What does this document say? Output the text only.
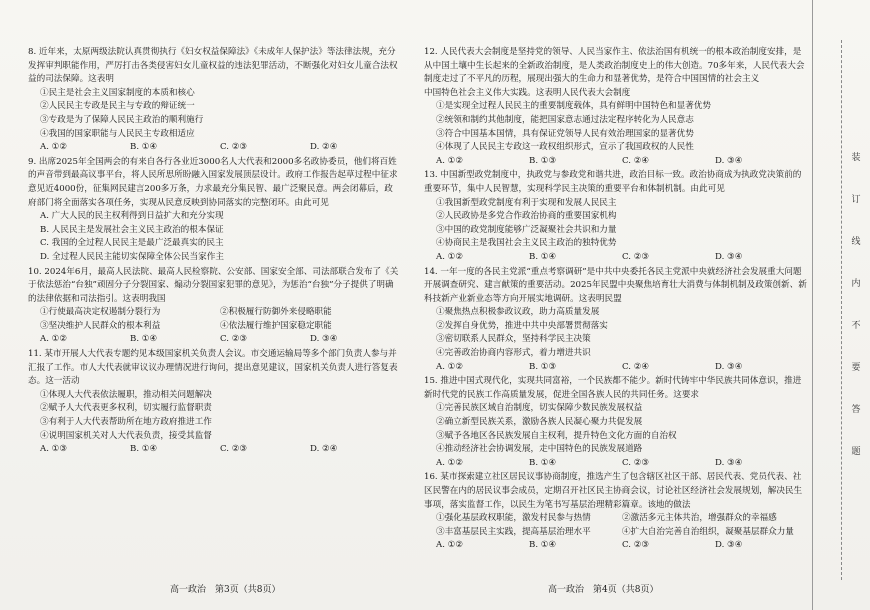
8. 近年来，太原两级法院认真贯彻执行《妇女权益保障法》《未成年人保护法》等法律法规，充分发挥审判职能作用，严厉打击各类侵害妇女儿童权益的违法犯罪活动，不断强化对妇女儿童合法权益的司法保障。这表明

①民主是社会主义国家制度的本质和核心

②人民民主专政是民主与专政的辩证统一

③专政是为了保障人民民主政治的顺利施行

④我国的国家职能与人民民主专政相适应

A. ①②	B. ①④	C. ②③	D. ②④

9. 出席2025年全国两会的有来自各行各业近3000名人大代表和2000多名政协委员，他们将百姓的声音带到最高议事平台，将人民所思所盼融入国家发展顶层设计。政府工作报告起草过程中征求意见近4000份，征集网民建言200多万条，力求最充分集民智、最广泛聚民意。两会闭幕后，政府部门将全面落实各项任务，实现从民意反映到协同落实的完整闭环。由此可见

A. 广大人民的民主权利得到日益扩大和充分实现

B. 人民民主是发展社会主义民主政治的根本保证

C. 我国的全过程人民民主是最广泛最真实的民主

D. 全过程人民民主能切实保障全体公民当家作主

10. 2024年6月，最高人民法院、最高人民检察院、公安部、国家安全部、司法部联合发布了《关于依法惩治“台独”顽固分子分裂国家、煽动分裂国家犯罪的意见》，为惩治“台独”分子提供了明确的法律依据和司法指引。这表明我国

①行使最高决定权遏制分裂行为	②积极履行防御外来侵略职能
③坚决维护人民群众的根本利益	④依法履行维护国家稳定职能
A. ①②	B. ①④	C. ②③	D. ③④

11. 某市开展人大代表专题约见本级国家机关负责人会议。市交通运输局等多个部门负责人参与并汇报了工作。市人大代表就审议议办理情况进行询问，提出意见建议，国家机关负责人进行答复表态。这一活动

①体现人大代表依法履职，推动相关问题解决

②赋予人大代表更多权利，切实履行监督职责

③有利于人大代表帮助所在地方政府推进工作

④说明国家机关对人大代表负责，接受其监督

A. ①③	B. ①④	C. ②③	D. ②④

12. 人民代表大会制度是坚持党的领导、人民当家作主、依法治国有机统一的根本政治制度安排，是从中国土壤中生长起来的全新政治制度，是人类政治制度史上的伟大创造。70多年来，人民代表大会制度走过了不平凡的历程，展现出强大的生命力和显著优势，是符合中国国情的社会主义

中国特色社会主义伟大实践。这表明人民代表大会制度

①是实现全过程人民民主的重要制度载体，具有鲜明中国特色和显著优势

②统领和制约其他制度，能把国家意志通过法定程序转化为人民意志

③符合中国基本国情，具有保证党领导人民有效治理国家的显著优势

④体现了人民民主专政这一政权组织形式，宣示了我国政权的人民性

A. ①②	B. ①③	C. ②④	D. ③④

13. 中国新型政党制度中，执政党与参政党和谐共进，政治目标一致。政治协商成为执政党决策前的重要环节，集中人民智慧，实现科学民主决策的重要平台和体制机制。由此可见

①我国新型政党制度有利于实现和发展人民民主

②人民政协是多党合作政治协商的重要国家机构

③中国的政党制度能够广泛凝聚社会共识和力量

④协商民主是我国社会主义民主政治的独特优势

A. ①②	B. ①④	C. ②③	D. ③④

14. 一年一度的各民主党派“重点考察调研”是中共中央委托各民主党派中央就经济社会发展重大问题开展调查研究、建言献策的重要活动。2025年民盟中央聚焦培育壮大消费与体制机制及政策创新、新科技新产业新业态等方向开展实地调研。这表明民盟

①聚焦热点积极参政议政，助力高质量发展

②发挥自身优势，推进中共中央部署贯彻落实

③密切联系人民群众，坚持科学民主决策

④完善政治协商内容形式，着力增进共识

A. ①②	B. ①③	C. ②④	D. ③④

15. 推进中国式现代化，实现共同富裕，一个民族都不能少。新时代铸牢中华民族共同体意识，推进新时代党的民族工作高质量发展，促进全国各族人民的共同任务。这要求

①完善民族区域自治制度，切实保障少数民族发展权益

②确立新型民族关系，激励各族人民凝心聚力共促发展

③赋予各地区各民族发展自主权利，提升特色文化方面的自治权

④推动经济社会协调发展，走中国特色的民族发展道路

A. ①②	B. ①④	C. ②③	D. ③④

16. 某市探索建立社区居民议事协商制度，推选产生了包含辖区社区干部、居民代表、党员代表、社区民警在内的居民议事会成员，定期召开社区民主协商会议，讨论社区经济社会发展规划，解决民生事项，落实监督工作，以民生为笔书写基层治理精彩篇章。该地的做法

①强化基层政权职能，激发村民参与热情	②激活多元主体共治，增强群众的幸福感
③丰富基层民主实践，提高基层治理水平	④扩大自治完善自治组织，凝聚基层群众力量
A. ①②	B. ①④	C. ②③	D. ③④
高一政治　第3页（共8页）	高一政治　第4页（共8页）
装
订
线
内
不
要
答
题
